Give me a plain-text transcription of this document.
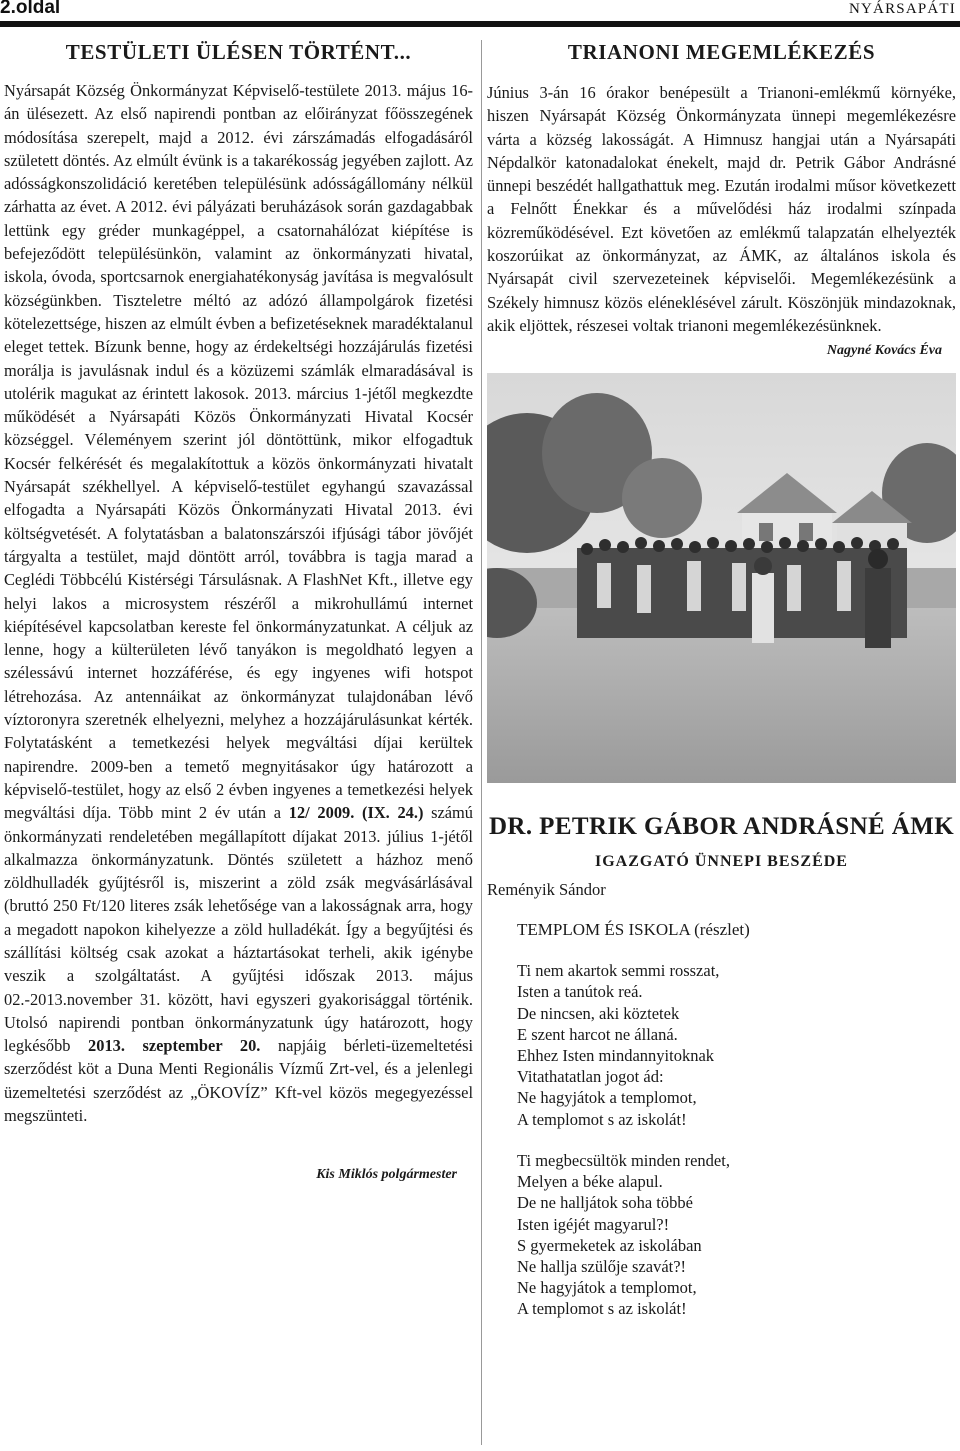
2.oldal	NYÁRSAPÁTI
TESTÜLETI ÜLÉSEN TÖRTÉNT...
Nyársapát Község Önkormányzat Képviselő-testülete 2013. május 16-án ülésezett. Az első napirendi pontban az előirányzat főösszegének módosítása szerepelt, majd a 2012. évi zárszámadás elfogadásáról született döntés. Az elmúlt évünk is a takarékosság jegyében zajlott. Az adósságkonszolidáció keretében településünk adósságállomány nélkül zárhatta az évet. A 2012. évi pályázati beruházások során gazdagabbak lettünk egy gréder munkagéppel, a csatornahálózat kiépítése is befejeződött településünkön, valamint az önkormányzati hivatal, iskola, óvoda, sportcsarnok energiahatékonyság javítása is megvalósult községünkben. Tiszteletre méltó az adózó állampolgárok fizetési kötelezettsége, hiszen az elmúlt évben a befizetéseknek maradéktalanul eleget tettek. Bízunk benne, hogy az érdekeltségi hozzájárulás fizetési morálja is javulásnak indul és a közüzemi számlák elmaradásával is utolérik magukat az érintett lakosok. 2013. március 1-jétől megkezdte működését a Nyársapáti Közös Önkormányzati Hivatal Kocsér községgel. Véleményem szerint jól döntöttünk, mikor elfogadtuk Kocsér felkérését és megalakítottuk a közös önkormányzati hivatalt Nyársapát székhellyel. A képviselő-testület egyhangú szavazással elfogadta a Nyársapáti Közös Önkormányzati Hivatal 2013. évi költségvetését. A folytatásban a balatonszárszói ifjúsági tábor jövőjét tárgyalta a testület, majd döntött arról, továbbra is tagja marad a Ceglédi Többcélú Kistérségi Társulásnak. A FlashNet Kft., illetve egy helyi lakos a microsystem részéről a mikrohullámú internet kiépítésével kapcsolatban kereste fel önkormányzatunkat. A céljuk az lenne, hogy a külterületen lévő tanyákon is megoldható legyen a szélessávú internet hozzáférése, és egy ingyenes wifi hotspot létrehozása. Az antennáikat az önkormányzat tulajdonában lévő víztoronyra szeretnék elhelyezni, melyhez a hozzájárulásunkat kérték. Folytatásként a temetkezési helyek megváltási díjai kerültek napirendre. 2009-ben a temető megnyitásakor úgy határozott a képviselő-testület, hogy az első 2 évben ingyenes a temetkezési helyek megváltási díja. Több mint 2 év után a 12/ 2009. (IX. 24.) számú önkormányzati rendeletében megállapított díjakat 2013. július 1-jétől alkalmazza önkormányzatunk. Döntés született a házhoz menő zöldhulladék gyűjtésről is, miszerint a zöld zsák megvásárlásával (bruttó 250 Ft/120 literes zsák lehetősége van a lakosságnak arra, hogy a megadott napokon kihelyezze a zöld hulladékát. Így a begyűjtési és szállítási költség csak azokat a háztartásokat terheli, akik igénybe veszik a szolgáltatást. A gyűjtési időszak 2013. május 02.-2013.november 31. között, havi egyszeri gyakorisággal történik. Utolsó napirendi pontban önkormányzatunk úgy határozott, hogy legkésőbb 2013. szeptember 20. napjáig bérleti-üzemeltetési szerződést köt a Duna Menti Regionális Vízmű Zrt-vel, és a jelenlegi üzemeltetési szerződést az „ÖKOVÍZ” Kft-vel közös megegyezéssel megszünteti.
Kis Miklós polgármester
TRIANONI MEGEMLÉKEZÉS
Június 3-án 16 órakor benépesült a Trianoni-emlékmű környéke, hiszen Nyársapát Község Önkormányzata ünnepi megemlékezésre várta a község lakosságát. A Himnusz hangjai után a Nyársapáti Népdalkör katonadalokat énekelt, majd dr. Petrik Gábor Andrásné ünnepi beszédét hallgathattuk meg. Ezután irodalmi műsor következett a Felnőtt Énekkar és a művelődési ház irodalmi színpada közreműködésével. Ezt követően az emlékmű talapzatán elhelyezték koszorúikat az önkormányzat, az ÁMK, az általános iskola és Nyársapát civil szervezeteinek képviselői. Megemlékezésünk a Székely himnusz közös eléneklésével zárult. Köszönjük mindazoknak, akik eljöttek, részesei voltak trianoni megemlékezésünknek.
Nagyné Kovács Éva
DR. PETRIK GÁBOR ANDRÁSNÉ ÁMK
IGAZGATÓ ÜNNEPI BESZÉDE
Reményik Sándor
TEMPLOM ÉS ISKOLA (részlet)
Ti nem akartok semmi rosszat,
Isten a tanútok reá.
De nincsen, aki köztetek
E szent harcot ne állaná.
Ehhez Isten mindannyitoknak
Vitathatatlan jogot ád:
Ne hagyjátok a templomot,
A templomot s az iskolát!
Ti megbecsültök minden rendet,
Melyen a béke alapul.
De ne halljátok soha többé
Isten igéjét magyarul?!
S gyermeketek az iskolában
Ne hallja szülője szavát?!
Ne hagyjátok a templomot,
A templomot s az iskolát!
